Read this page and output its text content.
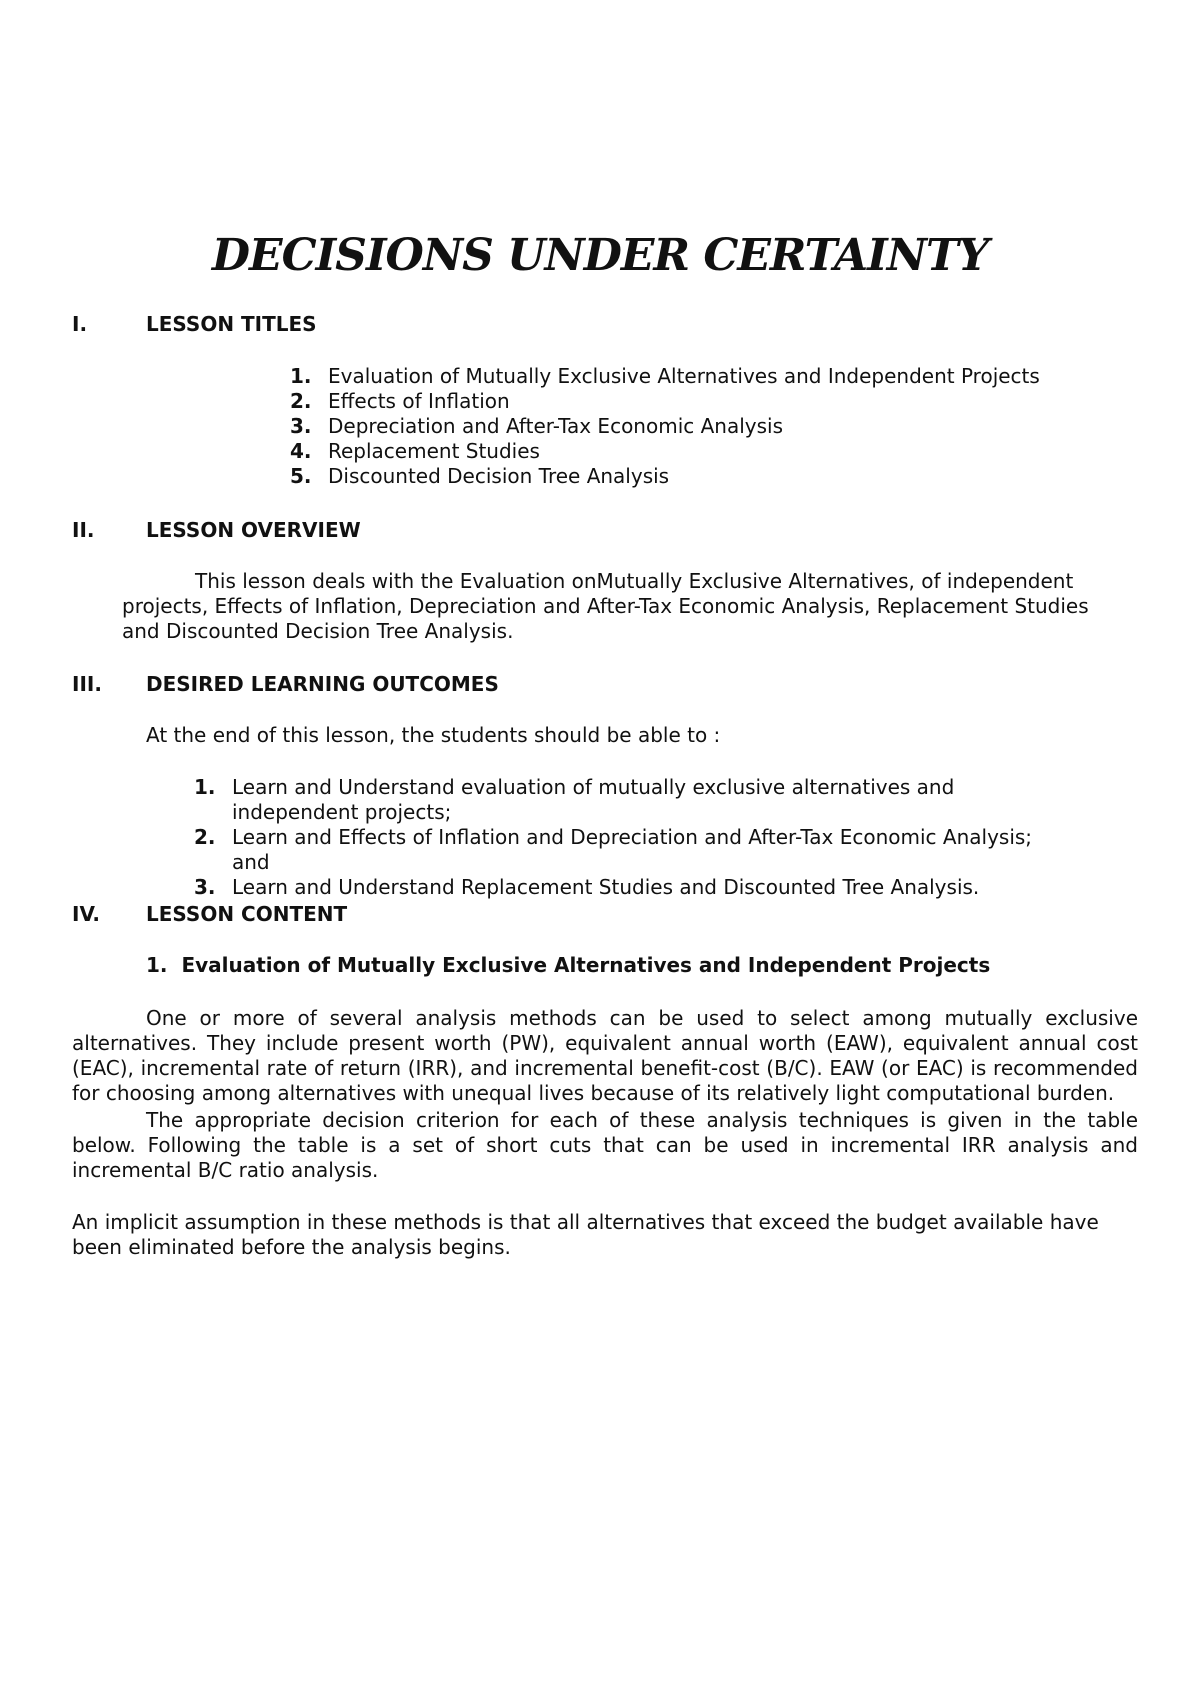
DECISIONS UNDER CERTAINTY
I.	LESSON TITLES
1. Evaluation of Mutually Exclusive Alternatives and Independent Projects
2. Effects of Inflation
3. Depreciation and After-Tax Economic Analysis
4. Replacement Studies
5. Discounted Decision Tree Analysis
II.	LESSON OVERVIEW

This lesson deals with the Evaluation onMutually Exclusive Alternatives, of independent projects, Effects of Inflation, Depreciation and After-Tax Economic Analysis, Replacement Studies and Discounted Decision Tree Analysis.

III. DESIRED LEARNING OUTCOMES

At the end of this lesson, the students should be able to :

1. Learn and Understand evaluation of mutually exclusive alternatives and independent projects;
2. Learn and Effects of Inflation and Depreciation and After-Tax Economic Analysis; and
3. Learn and Understand Replacement Studies and Discounted Tree Analysis.
IV. LESSON CONTENT
1.  Evaluation of Mutually Exclusive Alternatives and Independent Projects

One or more of several analysis methods can be used to select among mutually exclusive alternatives. They include present worth (PW), equivalent annual worth (EAW), equivalent annual cost (EAC), incremental rate of return (IRR), and incremental benefit-cost (B/C). EAW (or EAC) is recommended for choosing among alternatives with unequal lives because of its relatively light computational burden.

The appropriate decision criterion for each of these analysis techniques is given in the table below. Following the table is a set of short cuts that can be used in incremental IRR analysis and incremental B/C ratio analysis.

An implicit assumption in these methods is that all alternatives that exceed the budget available have been eliminated before the analysis begins.
